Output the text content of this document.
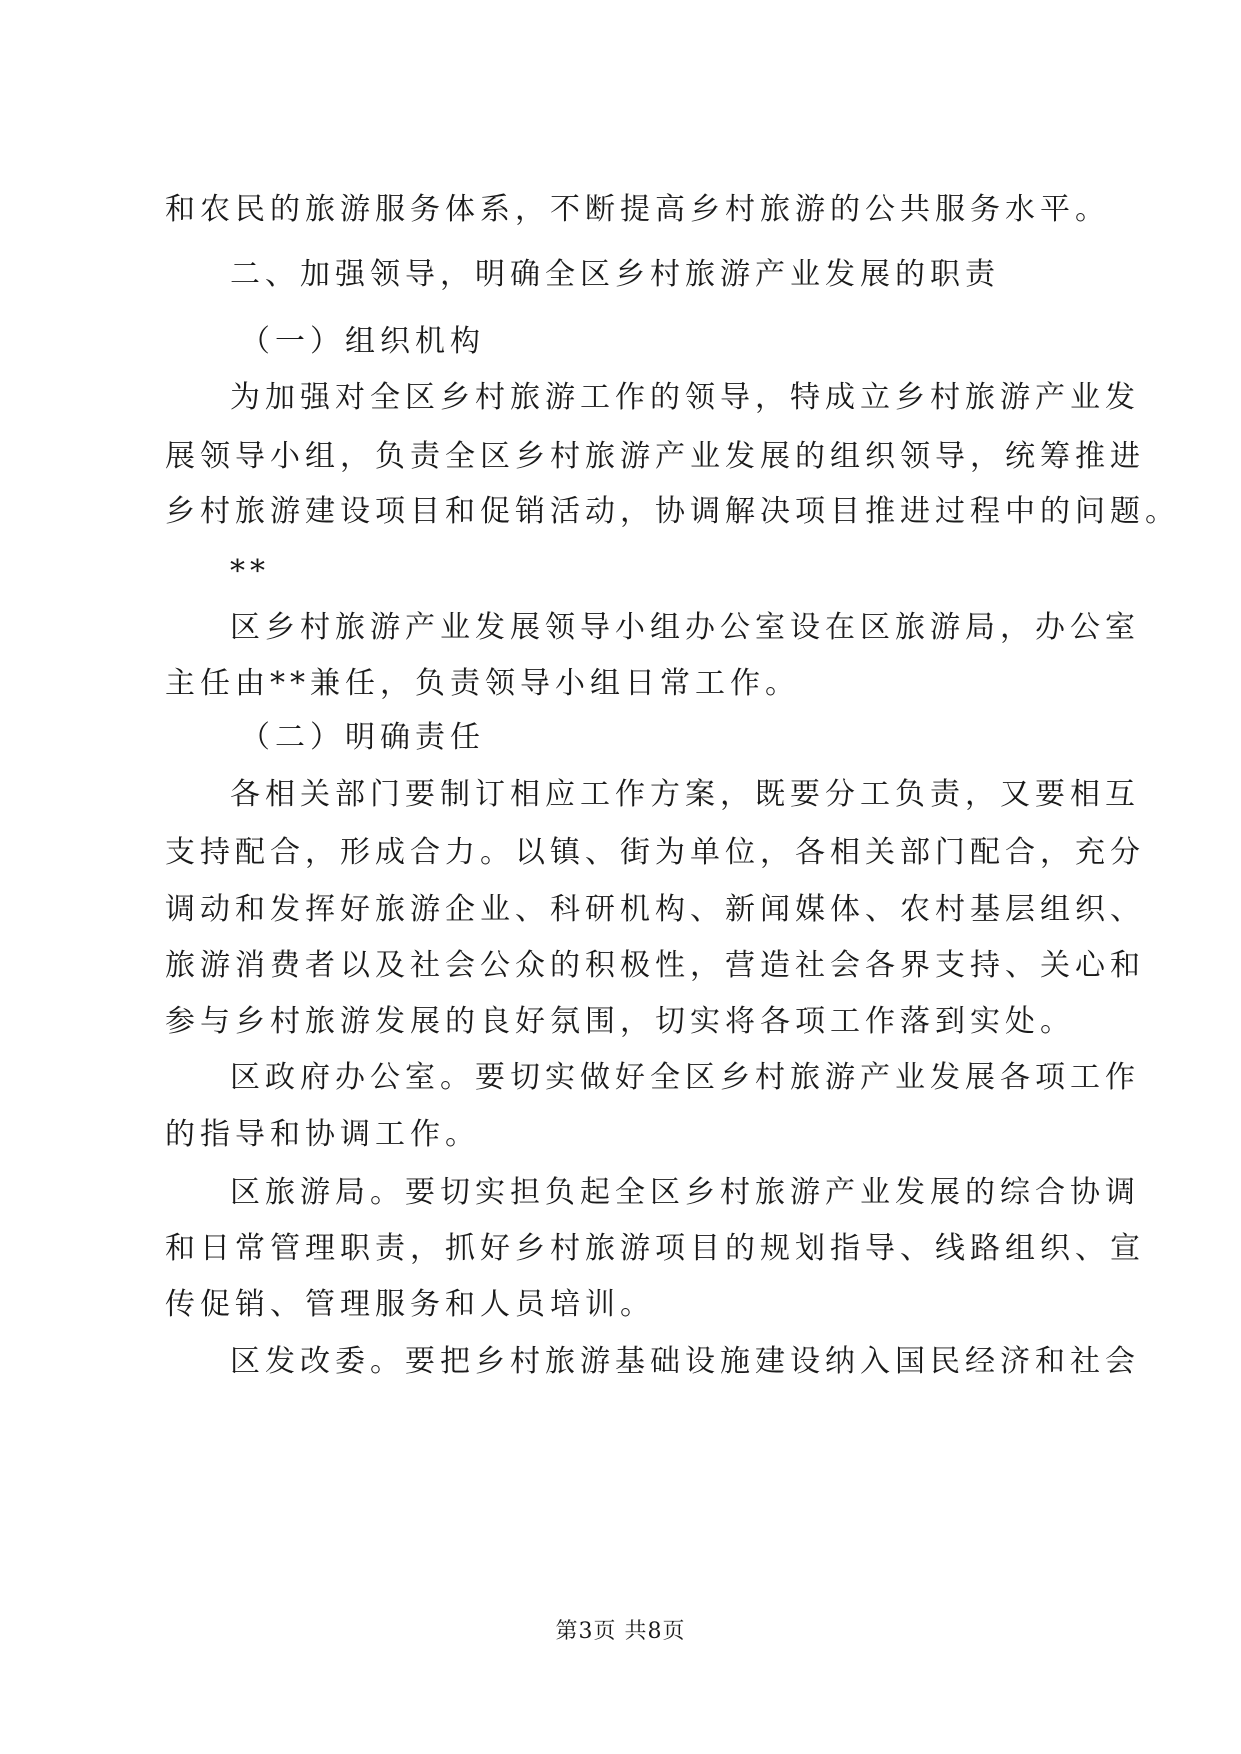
和农民的旅游服务体系，不断提高乡村旅游的公共服务水平。
二、加强领导，明确全区乡村旅游产业发展的职责
（一）组织机构
为加强对全区乡村旅游工作的领导，特成立乡村旅游产业发
展领导小组，负责全区乡村旅游产业发展的组织领导，统筹推进
乡村旅游建设项目和促销活动，协调解决项目推进过程中的问题。
**
区乡村旅游产业发展领导小组办公室设在区旅游局，办公室
主任由**兼任，负责领导小组日常工作。
（二）明确责任
各相关部门要制订相应工作方案，既要分工负责，又要相互
支持配合，形成合力。以镇、街为单位，各相关部门配合，充分
调动和发挥好旅游企业、科研机构、新闻媒体、农村基层组织、
旅游消费者以及社会公众的积极性，营造社会各界支持、关心和
参与乡村旅游发展的良好氛围，切实将各项工作落到实处。
区政府办公室。要切实做好全区乡村旅游产业发展各项工作
的指导和协调工作。
区旅游局。要切实担负起全区乡村旅游产业发展的综合协调
和日常管理职责，抓好乡村旅游项目的规划指导、线路组织、宣
传促销、管理服务和人员培训。
区发改委。要把乡村旅游基础设施建设纳入国民经济和社会
第3页 共8页
